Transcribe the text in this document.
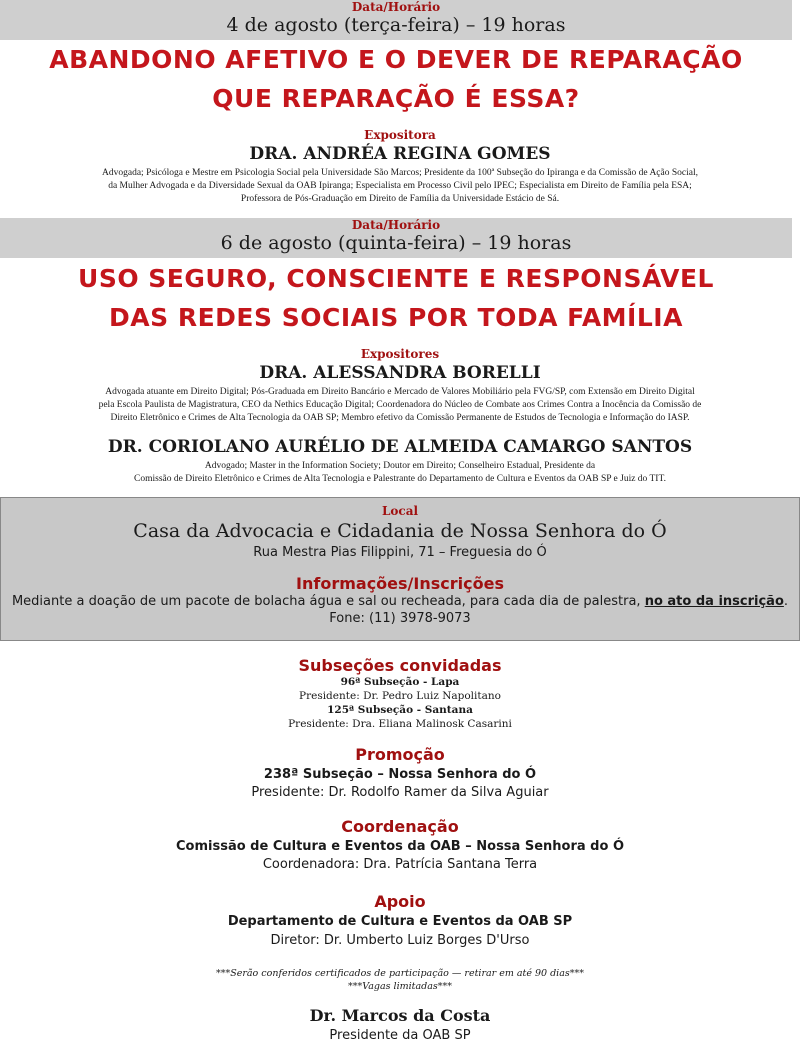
Data/Horário
4 de agosto (terça-feira) – 19 horas
ABANDONO AFETIVO E O DEVER DE REPARAÇÃO
QUE REPARAÇÃO É ESSA?
Expositora
DRA. ANDRÉA REGINA GOMES
Advogada; Psicóloga e Mestre em Psicologia Social pela Universidade São Marcos; Presidente da 100ª Subseção do Ipiranga e da Comissão de Ação Social,
da Mulher Advogada e da Diversidade Sexual da OAB Ipiranga; Especialista em Processo Civil pelo IPEC; Especialista em Direito de Família pela ESA;
Professora de Pós-Graduação em Direito de Família da Universidade Estácio de Sá.
Data/Horário
6 de agosto (quinta-feira) – 19 horas
USO SEGURO, CONSCIENTE E RESPONSÁVEL
DAS REDES SOCIAIS POR TODA FAMÍLIA
Expositores
DRA. ALESSANDRA BORELLI
Advogada atuante em Direito Digital; Pós-Graduada em Direito Bancário e Mercado de Valores Mobiliário pela FVG/SP, com Extensão em Direito Digital
pela Escola Paulista de Magistratura, CEO da Nethics Educação Digital; Coordenadora do Núcleo de Combate aos Crimes Contra a Inocência da Comissão de
Direito Eletrônico e Crimes de Alta Tecnologia da OAB SP; Membro efetivo da Comissão Permanente de Estudos de Tecnologia e Informação do IASP.
DR. CORIOLANO AURÉLIO DE ALMEIDA CAMARGO SANTOS
Advogado; Master in the Information Society; Doutor em Direito; Conselheiro Estadual, Presidente da
Comissão de Direito Eletrônico e Crimes de Alta Tecnologia e Palestrante do Departamento de Cultura e Eventos da OAB SP e Juiz do TIT.
Local
Casa da Advocacia e Cidadania de Nossa Senhora do Ó
Rua Mestra Pias Filippini, 71 – Freguesia do Ó
Informações/Inscrições
Mediante a doação de um pacote de bolacha água e sal ou recheada, para cada dia de palestra, no ato da inscrição.
Fone: (11) 3978-9073
Subseções convidadas
96ª Subseção - Lapa
Presidente: Dr. Pedro Luiz Napolitano
125ª Subseção - Santana
Presidente: Dra. Eliana Malinosk Casarini
Promoção
238ª Subseção – Nossa Senhora do Ó
Presidente: Dr. Rodolfo Ramer da Silva Aguiar
Coordenação
Comissão de Cultura e Eventos da OAB – Nossa Senhora do Ó
Coordenadora: Dra. Patrícia Santana Terra
Apoio
Departamento de Cultura e Eventos da OAB SP
Diretor: Dr. Umberto Luiz Borges D'Urso
***Serão conferidos certificados de participação — retirar em até 90 dias***
***Vagas limitadas***
Dr. Marcos da Costa
Presidente da OAB SP
